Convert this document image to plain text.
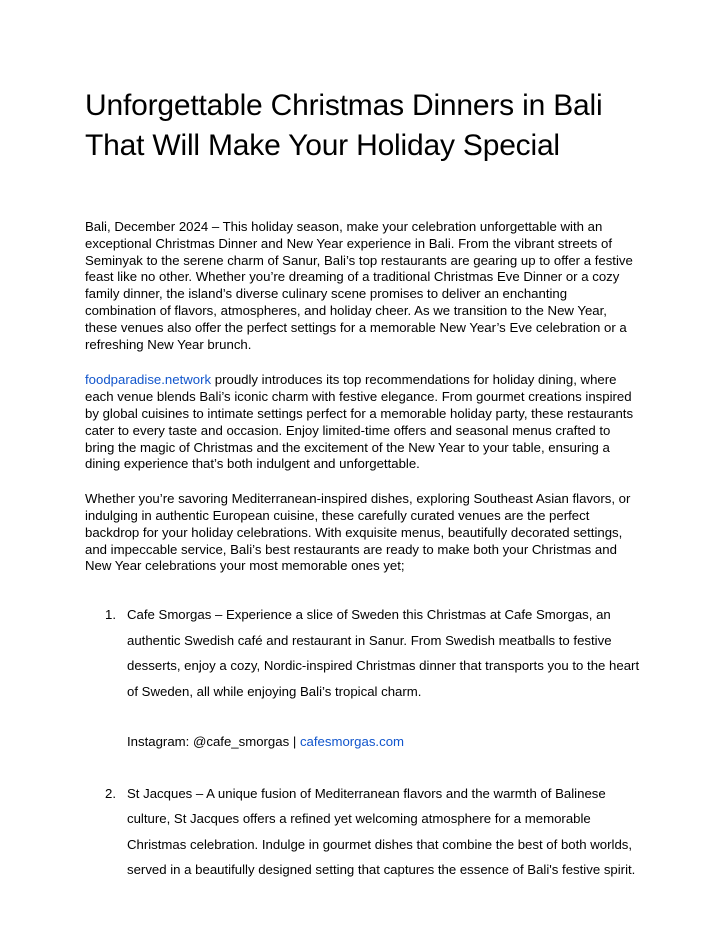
Unforgettable Christmas Dinners in Bali That Will Make Your Holiday Special

Bali, December 2024 – This holiday season, make your celebration unforgettable with an exceptional Christmas Dinner and New Year experience in Bali. From the vibrant streets of Seminyak to the serene charm of Sanur, Bali’s top restaurants are gearing up to offer a festive feast like no other. Whether you’re dreaming of a traditional Christmas Eve Dinner or a cozy family dinner, the island’s diverse culinary scene promises to deliver an enchanting combination of flavors, atmospheres, and holiday cheer. As we transition to the New Year, these venues also offer the perfect settings for a memorable New Year’s Eve celebration or a refreshing New Year brunch.

foodparadise.network proudly introduces its top recommendations for holiday dining, where each venue blends Bali’s iconic charm with festive elegance. From gourmet creations inspired by global cuisines to intimate settings perfect for a memorable holiday party, these restaurants cater to every taste and occasion. Enjoy limited-time offers and seasonal menus crafted to bring the magic of Christmas and the excitement of the New Year to your table, ensuring a dining experience that’s both indulgent and unforgettable.

Whether you’re savoring Mediterranean-inspired dishes, exploring Southeast Asian flavors, or indulging in authentic European cuisine, these carefully curated venues are the perfect backdrop for your holiday celebrations. With exquisite menus, beautifully decorated settings, and impeccable service, Bali’s best restaurants are ready to make both your Christmas and New Year celebrations your most memorable ones yet;

1. Cafe Smorgas – Experience a slice of Sweden this Christmas at Cafe Smorgas, an authentic Swedish café and restaurant in Sanur. From Swedish meatballs to festive desserts, enjoy a cozy, Nordic-inspired Christmas dinner that transports you to the heart of Sweden, all while enjoying Bali’s tropical charm.

Instagram: @cafe_smorgas | cafesmorgas.com

2. St Jacques – A unique fusion of Mediterranean flavors and the warmth of Balinese culture, St Jacques offers a refined yet welcoming atmosphere for a memorable Christmas celebration. Indulge in gourmet dishes that combine the best of both worlds, served in a beautifully designed setting that captures the essence of Bali's festive spirit.
